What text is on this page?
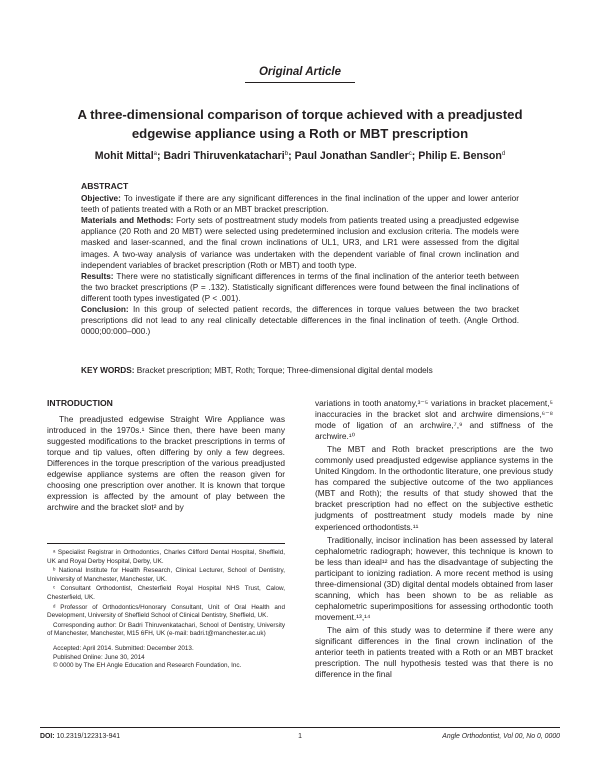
Original Article
A three-dimensional comparison of torque achieved with a preadjusted
edgewise appliance using a Roth or MBT prescription
Mohit Mittal$^a$; Badri Thiruvenkatachari$^b$; Paul Jonathan Sandler$^c$; Philip E. Benson$^d$
ABSTRACT
Objective: To investigate if there are any significant differences in the final inclination of the upper and lower anterior teeth of patients treated with a Roth or an MBT bracket prescription.
Materials and Methods: Forty sets of posttreatment study models from patients treated using a preadjusted edgewise appliance (20 Roth and 20 MBT) were selected using predetermined inclusion and exclusion criteria. The models were masked and laser-scanned, and the final crown inclinations of UL1, UR3, and LR1 were assessed from the digital images. A two-way analysis of variance was undertaken with the dependent variable of final crown inclination and independent variables of bracket prescription (Roth or MBT) and tooth type.
Results: There were no statistically significant differences in terms of the final inclination of the anterior teeth between the two bracket prescriptions (P = .132). Statistically significant differences were found between the final inclinations of different tooth types investigated (P < .001).
Conclusion: In this group of selected patient records, the differences in torque values between the two bracket prescriptions did not lead to any real clinically detectable differences in the final inclination of teeth. (Angle Orthod. 0000;00:000–000.)
KEY WORDS: Bracket prescription; MBT, Roth; Torque; Three-dimensional digital dental models
INTRODUCTION

The preadjusted edgewise Straight Wire Appliance was introduced in the 1970s.¹ Since then, there have been many suggested modifications to the bracket prescriptions in terms of torque and tip values, often differing by only a few degrees. Differences in the torque prescription of the various preadjusted edgewise appliance systems are often the reason given for choosing one prescription over another. It is known that torque expression is affected by the amount of play between the archwire and the bracket slot² and by

ᵃ Specialist Registrar in Orthodontics, Charles Clifford Dental Hospital, Sheffield, UK and Royal Derby Hospital, Derby, UK.
ᵇ National Institute for Health Research, Clinical Lecturer, School of Dentistry, University of Manchester, Manchester, UK.
ᶜ Consultant Orthodontist, Chesterfield Royal Hospital NHS Trust, Calow, Chesterfield, UK.
ᵈ Professor of Orthodontics/Honorary Consultant, Unit of Oral Health and Development, University of Sheffield School of Clinical Dentistry, Sheffield, UK.
Corresponding author: Dr Badri Thiruvenkatachari, School of Dentistry, University of Manchester, Manchester, M15 6FH, UK (e-mail: badri.t@manchester.ac.uk)
Accepted: April 2014. Submitted: December 2013.
Published Online: June 30, 2014
© 0000 by The EH Angle Education and Research Foundation, Inc.

variations in tooth anatomy,³⁻⁵ variations in bracket placement,⁵ inaccuracies in the bracket slot and archwire dimensions,⁶⁻⁸ mode of ligation of an archwire,⁷,⁹ and stiffness of the archwire.¹⁰

The MBT and Roth bracket prescriptions are the two commonly used preadjusted edgewise appliance systems in the United Kingdom. In the orthodontic literature, one previous study has compared the subjective outcome of the two appliances (MBT and Roth); the results of that study showed that the bracket prescription had no effect on the subjective esthetic judgments of posttreatment study models made by nine experienced orthodontists.¹¹

Traditionally, incisor inclination has been assessed by lateral cephalometric radiograph; however, this technique is known to be less than ideal¹² and has the disadvantage of subjecting the participant to ionizing radiation. A more recent method is using three-dimensional (3D) digital dental models obtained from laser scanning, which has been shown to be as reliable as cephalometric superimpositions for assessing orthodontic tooth movement.¹³,¹⁴

The aim of this study was to determine if there were any significant differences in the final crown inclination of the anterior teeth in patients treated with a Roth or an MBT bracket prescription. The null hypothesis tested was that there is no difference in the final

DOI: 10.2319/122313-941	1	Angle Orthodontist, Vol 00, No 0, 0000
